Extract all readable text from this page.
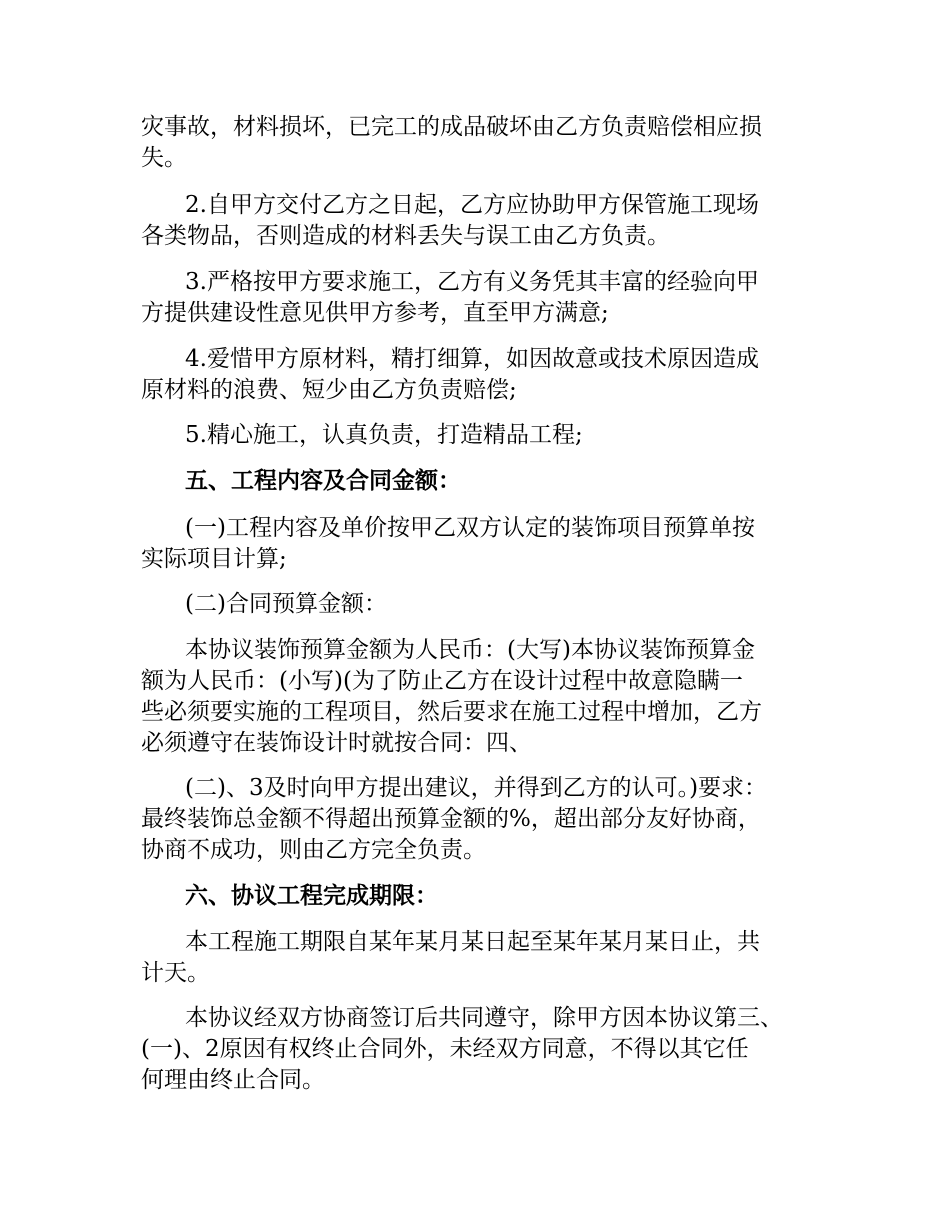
灾事故，材料损坏，已完工的成品破坏由乙方负责赔偿相应损

失。

2.自甲方交付乙方之日起，乙方应协助甲方保管施工现场

各类物品，否则造成的材料丢失与误工由乙方负责。

3.严格按甲方要求施工，乙方有义务凭其丰富的经验向甲

方提供建设性意见供甲方参考，直至甲方满意;

4.爱惜甲方原材料，精打细算，如因故意或技术原因造成

原材料的浪费、短少由乙方负责赔偿;

5.精心施工，认真负责，打造精品工程;

五、工程内容及合同金额：

(一)工程内容及单价按甲乙双方认定的装饰项目预算单按

实际项目计算;

(二)合同预算金额：

本协议装饰预算金额为人民币：(大写)本协议装饰预算金

额为人民币：(小写)(为了防止乙方在设计过程中故意隐瞒一

些必须要实施的工程项目，然后要求在施工过程中增加，乙方

必须遵守在装饰设计时就按合同：四、

(二)、3及时向甲方提出建议，并得到乙方的认可。)要求：

最终装饰总金额不得超出预算金额的%，超出部分友好协商，

协商不成功，则由乙方完全负责。

六、协议工程完成期限：

本工程施工期限自某年某月某日起至某年某月某日止，共

计天。

本协议经双方协商签订后共同遵守，除甲方因本协议第三、

(一)、2原因有权终止合同外，未经双方同意，不得以其它任

何理由终止合同。
